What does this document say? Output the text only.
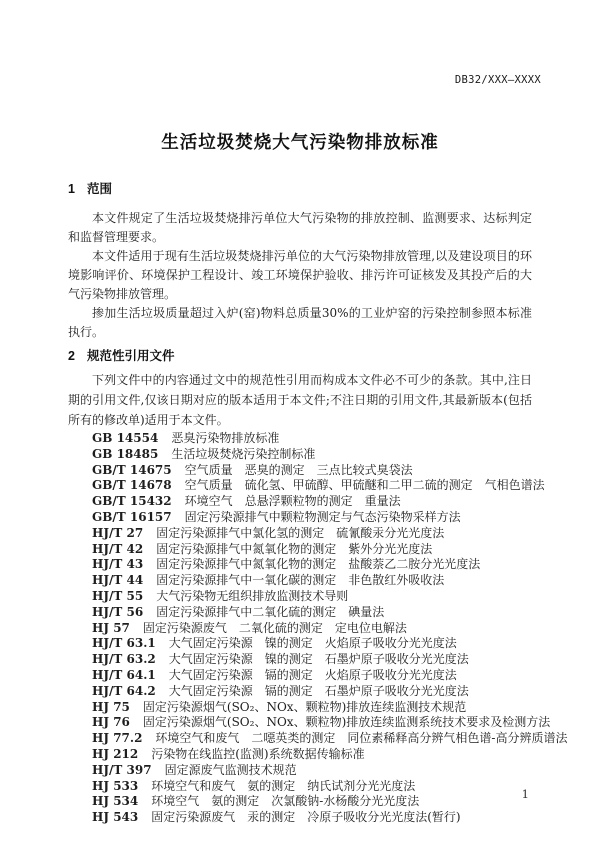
DB32/XXX—XXXX
生活垃圾焚烧大气污染物排放标准
1 范围

本文件规定了生活垃圾焚烧排污单位大气污染物的排放控制、监测要求、达标判定和监督管理要求。

本文件适用于现有生活垃圾焚烧排污单位的大气污染物排放管理,以及建设项目的环境影响评价、环境保护工程设计、竣工环境保护验收、排污许可证核发及其投产后的大气污染物排放管理。

掺加生活垃圾质量超过入炉(窑)物料总质量30%的工业炉窑的污染控制参照本标准执行。

2 规范性引用文件

下列文件中的内容通过文中的规范性引用而构成本文件必不可少的条款。其中,注日期的引用文件,仅该日期对应的版本适用于本文件;不注日期的引用文件,其最新版本(包括所有的修改单)适用于本文件。

GB 14554 恶臭污染物排放标准
GB 18485 生活垃圾焚烧污染控制标准
GB/T 14675 空气质量　恶臭的测定　三点比较式臭袋法
GB/T 14678 空气质量　硫化氢、甲硫醇、甲硫醚和二甲二硫的测定　气相色谱法
GB/T 15432 环境空气　总悬浮颗粒物的测定　重量法
GB/T 16157 固定污染源排气中颗粒物测定与气态污染物采样方法
HJ/T 27 固定污染源排气中氯化氢的测定　硫氰酸汞分光光度法
HJ/T 42 固定污染源排气中氮氧化物的测定　紫外分光光度法
HJ/T 43 固定污染源排气中氮氧化物的测定　盐酸萘乙二胺分光光度法
HJ/T 44 固定污染源排气中一氧化碳的测定　非色散红外吸收法
HJ/T 55 大气污染物无组织排放监测技术导则
HJ/T 56 固定污染源排气中二氧化硫的测定　碘量法
HJ 57 固定污染源废气　二氧化硫的测定　定电位电解法
HJ/T 63.1 大气固定污染源　镍的测定　火焰原子吸收分光光度法
HJ/T 63.2 大气固定污染源　镍的测定　石墨炉原子吸收分光光度法
HJ/T 64.1 大气固定污染源　镉的测定　火焰原子吸收分光光度法
HJ/T 64.2 大气固定污染源　镉的测定　石墨炉原子吸收分光光度法
HJ 75 固定污染源烟气(SO₂、NOx、颗粒物)排放连续监测技术规范
HJ 76 固定污染源烟气(SO₂、NOx、颗粒物)排放连续监测系统技术要求及检测方法
HJ 77.2 环境空气和废气　二噁英类的测定　同位素稀释高分辨气相色谱-高分辨质谱法
HJ 212 污染物在线监控(监测)系统数据传输标准
HJ/T 397 固定源废气监测技术规范
HJ 533 环境空气和废气　氨的测定　纳氏试剂分光光度法
HJ 534 环境空气　氨的测定　次氯酸钠-水杨酸分光光度法
HJ 543 固定污染源废气　汞的测定　冷原子吸收分光光度法(暂行)
1
